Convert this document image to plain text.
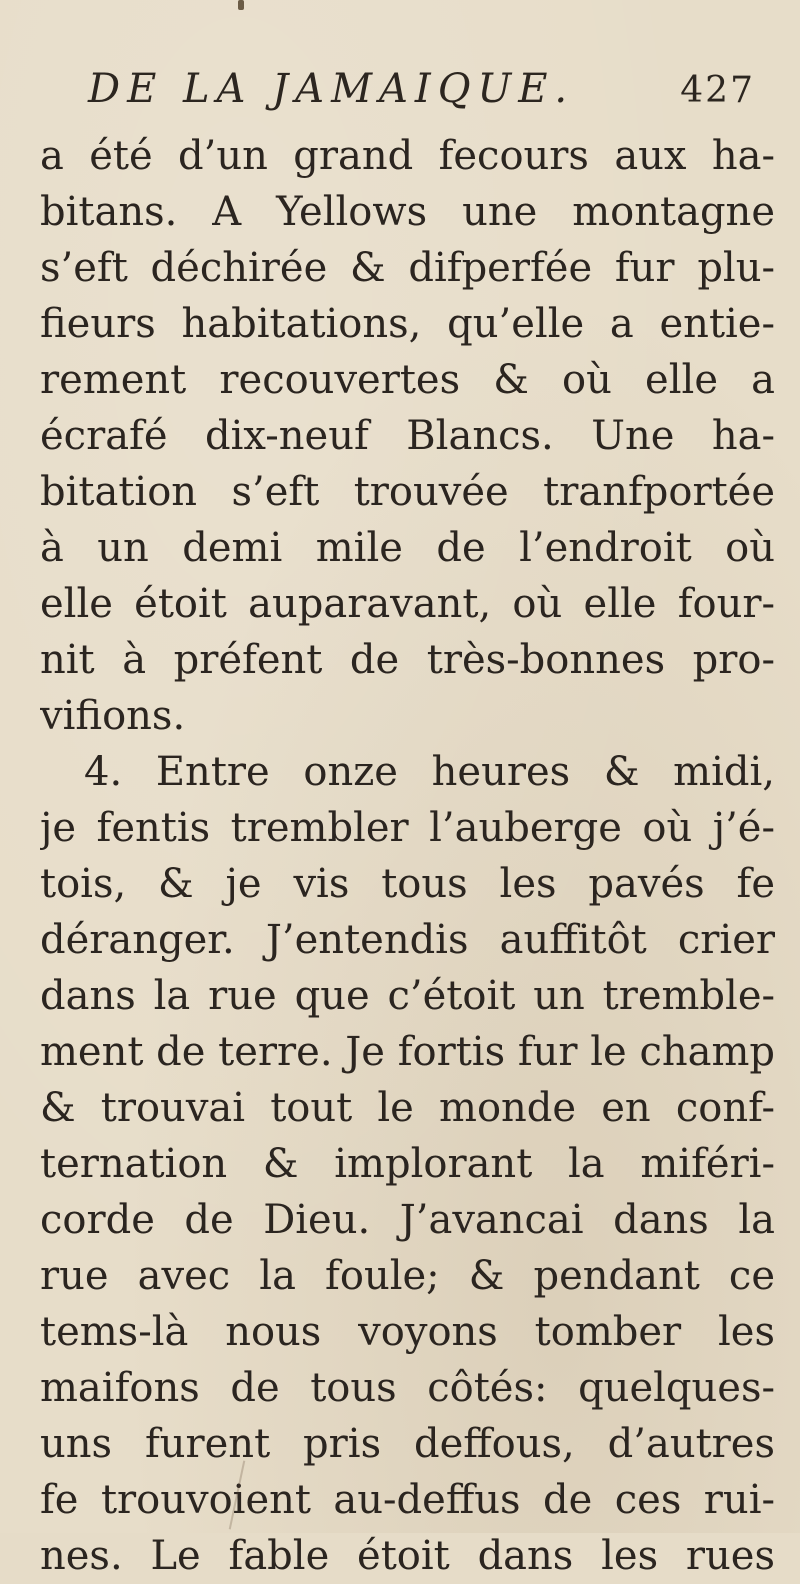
DE LA JAMAIQUE.	427
a été d’un grand fecours aux ha-
bitans. A Yellows une montagne
s’eft déchirée & difperfée fur plu-
fieurs habitations, qu’elle a entie-
rement recouvertes & où elle a
écrafé dix-neuf Blancs. Une ha-
bitation s’eft trouvée tranfportée
à un demi mile de l’endroit où
elle étoit auparavant, où elle four-
nit à préfent de très-bonnes pro-
vifions.
4. Entre onze heures & midi,
je fentis trembler l’auberge où j’é-
tois, & je vis tous les pavés fe
déranger. J’entendis auffitôt crier
dans la rue que c’étoit un tremble-
ment de terre. Je fortis fur le champ
& trouvai tout le monde en conf-
ternation & implorant la miféri-
corde de Dieu. J’avancai dans la
rue avec la foule; & pendant ce
tems-là nous voyons tomber les
maifons de tous côtés: quelques-
uns furent pris deffous, d’autres
fe trouvoient au-deffus de ces rui-
nes. Le fable étoit dans les rues
